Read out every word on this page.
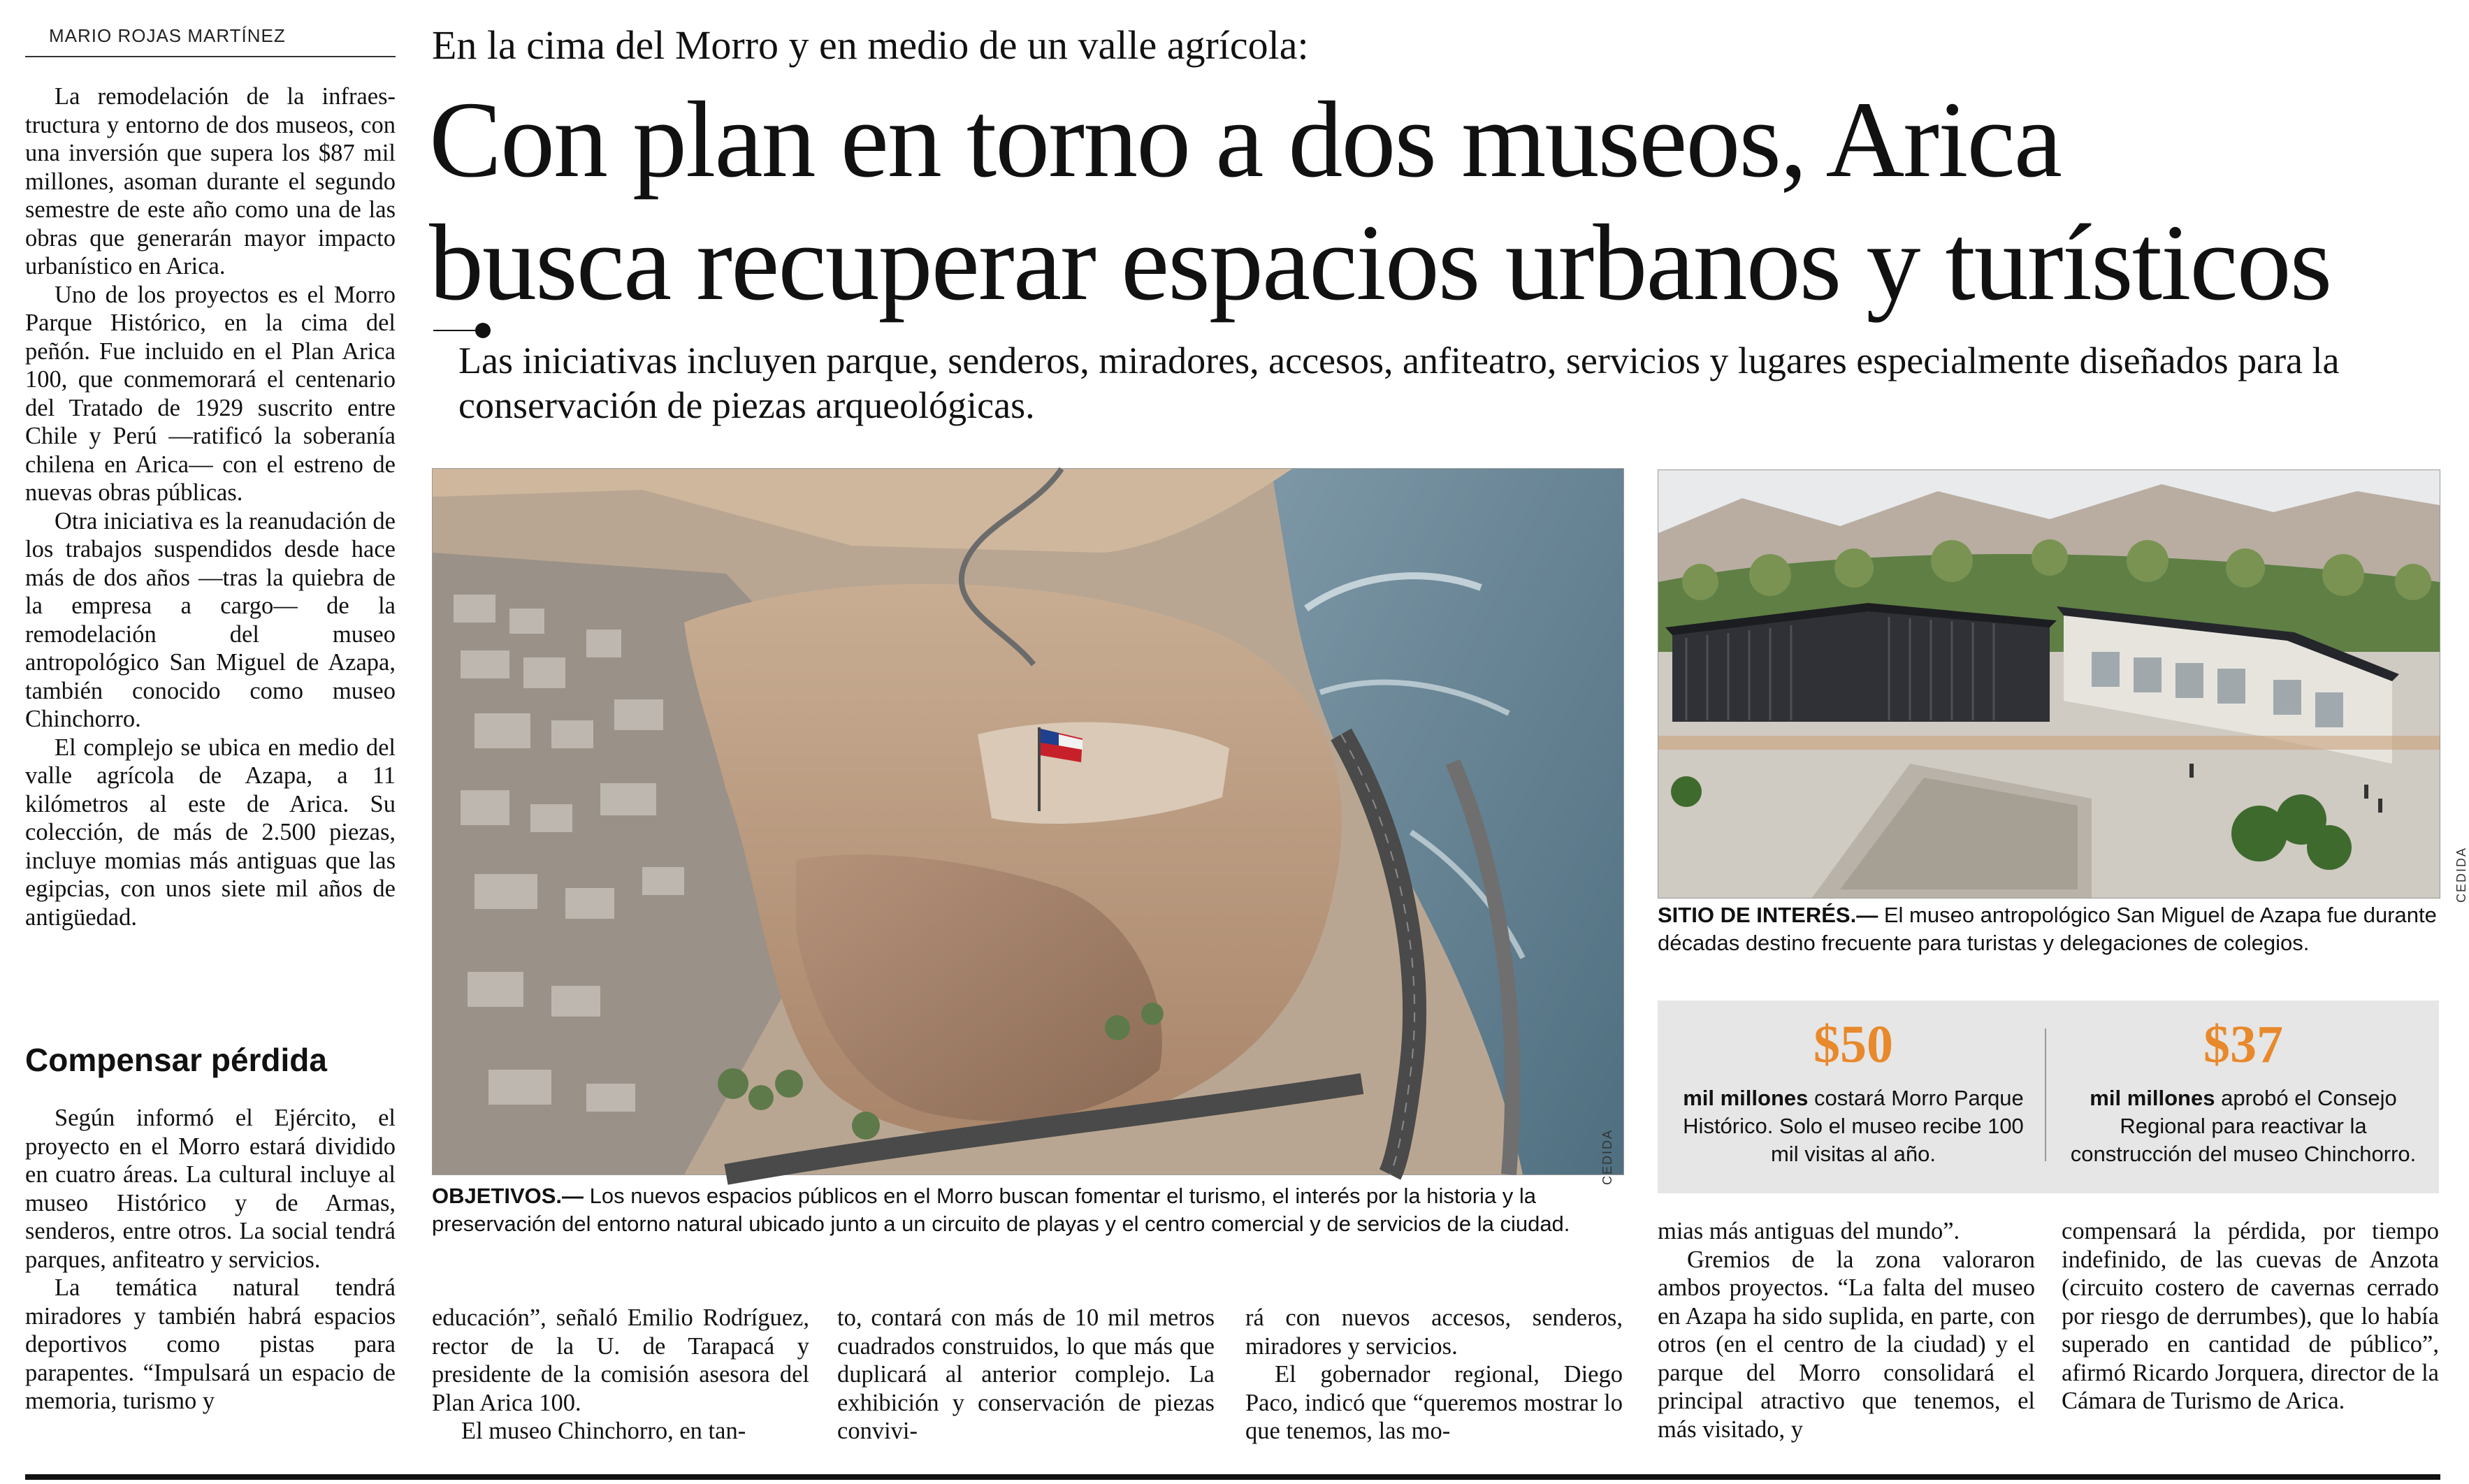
MARIO ROJAS MARTÍNEZ

La remodelación de la infraes-tructura y entorno de dos museos, con una inversión que supera los $87 mil millones, asoman durante el segundo semestre de este año como una de las obras que generarán mayor impacto urbanístico en Arica.

Uno de los proyectos es el Morro Parque Histórico, en la cima del peñón. Fue incluido en el Plan Arica 100, que conmemorará el centenario del Tratado de 1929 suscrito entre Chile y Perú —ratificó la soberanía chilena en Arica— con el estreno de nuevas obras públicas.

Otra iniciativa es la reanudación de los trabajos suspendidos desde hace más de dos años —tras la quiebra de la empresa a cargo— de la remodelación del museo antropológico San Miguel de Azapa, también conocido como museo Chinchorro.

El complejo se ubica en medio del valle agrícola de Azapa, a 11 kilómetros al este de Arica. Su colección, de más de 2.500 piezas, incluye momias más antiguas que las egipcias, con unos siete mil años de antigüedad.

Compensar pérdida

Según informó el Ejército, el proyecto en el Morro estará dividido en cuatro áreas. La cultural incluye al museo Histórico y de Armas, senderos, entre otros. La social tendrá parques, anfiteatro y servicios.

La temática natural tendrá miradores y también habrá espacios deportivos como pistas para parapentes. “Impulsará un espacio de memoria, turismo y

En la cima del Morro y en medio de un valle agrícola:
Con plan en torno a dos museos, Arica
busca recuperar espacios urbanos y turísticos
Las iniciativas incluyen parque, senderos, miradores, accesos, anfiteatro, servicios y lugares especialmente diseñados para la conservación de piezas arqueológicas.
CEDIDA
OBJETIVOS.— Los nuevos espacios públicos en el Morro buscan fomentar el turismo, el interés por la historia y la preservación del entorno natural ubicado junto a un circuito de playas y el centro comercial y de servicios de la ciudad.
CEDIDA
SITIO DE INTERÉS.— El museo antropológico San Miguel de Azapa fue durante décadas destino frecuente para turistas y delegaciones de colegios.
$50
mil millones costará Morro Parque Histórico. Solo el museo recibe 100 mil visitas al año.
$37
mil millones aprobó el Consejo Regional para reactivar la construcción del museo Chinchorro.

educación”, señaló Emilio Rodríguez, rector de la U. de Tarapacá y presidente de la comisión asesora del Plan Arica 100.

El museo Chinchorro, en tan-

to, contará con más de 10 mil metros cuadrados construidos, lo que más que duplicará al anterior complejo. La exhibición y conservación de piezas convivi-

rá con nuevos accesos, senderos, miradores y servicios.

El gobernador regional, Diego Paco, indicó que “queremos mostrar lo que tenemos, las mo-

mias más antiguas del mundo”.

Gremios de la zona valoraron ambos proyectos. “La falta del museo en Azapa ha sido suplida, en parte, con otros (en el centro de la ciudad) y el parque del Morro consolidará el principal atractivo que tenemos, el más visitado, y

compensará la pérdida, por tiempo indefinido, de las cuevas de Anzota (circuito costero de cavernas cerrado por riesgo de derrumbes), que lo había superado en cantidad de público”, afirmó Ricardo Jorquera, director de la Cámara de Turismo de Arica.
